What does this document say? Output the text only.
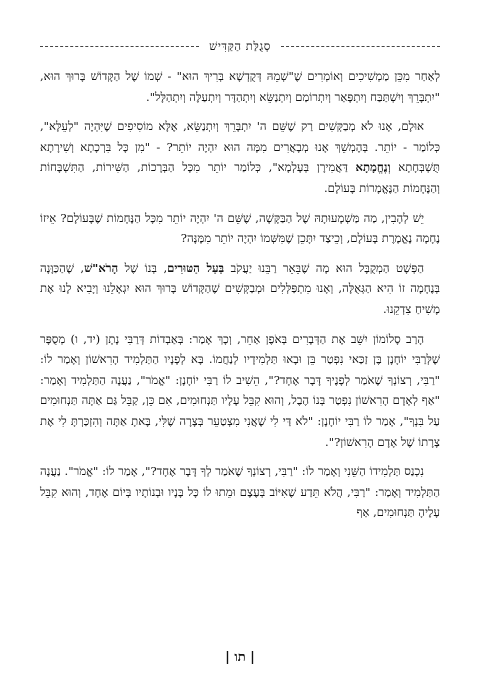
סְגֻלַּת הַקַּדִּישׁ

לְאַחַר מִכֵּן מַמְשִׁיכִים וְאוֹמְרִים שֶׁ"שְׁמֵהּ דְּקֻדְשָׁא בְּרִיךְ הוּא" - שְׁמוֹ שֶׁל הַקָּדוֹשׁ בָּרוּךְ הוּא, "יִתְבָּרֵךְ וְיִשְׁתַּבַּח וְיִתְפָּאַר וְיִתְרוֹמַם וְיִתְנַשֵּׂא וְיִתְהַדָּר וְיִתְעַלֶּה וְיִתְהַלָּל".

אוּלָם, אָנוּ לֹא מְבַקְּשִׁים רַק שֶׁשֵּׁם ה' יִתְבָּרֵךְ וְיִתְנַשֵּׂא, אֶלָּא מוֹסִיפִים שֶׁיִּהְיֶה "לְעֵלָּא", כְּלוֹמַר - יוֹתֵר. בְּהֶמְשֵׁךְ אָנוּ מְבָאֲרִים מִמָּה הוּא יִהְיֶה יוֹתֵר? - "מִן כָּל בִּרְכָתָא וְשִׁירָתָא תֻּשְׁבְּחָתָא וְנֶחֱמָתָא דַּאֲמִירָן בְּעָלְמָא", כְּלוֹמַר יוֹתֵר מִכָּל הַבְּרָכוֹת, הַשִּׁירוֹת, הַתִּשְׁבָּחוֹת וְהַנֶּחָמוֹת הַנֶּאֱמָרוֹת בָּעוֹלָם.

יֵשׁ לְהָבִין, מַה מַּשְׁמָעוּתָהּ שֶׁל הַבַּקָּשָׁה, שֶׁשֵּׁם ה' יִהְיֶה יוֹתֵר מִכָּל הַנֶּחָמוֹת שֶׁבָּעוֹלָם? אֵיזוֹ נֶחָמָה נֶאֱמֶרֶת בָּעוֹלָם, וְכֵיצַד יִתָּכֵן שֶׁמִּשְּׁמוֹ יִהְיֶה יוֹתֵר מִמֶּנָּה?

הַפְּשָׁט הַמְקֻבָּל הוּא מָה שֶׁבֵּאֵר רַבֵּנוּ יַעֲקֹב בַּעַל הַטּוּרִים, בְּנוֹ שֶׁל הָרֹא"שׁ, שֶׁהַכַּוָּנָה בְּנֶחָמָה זוֹ הִיא הַגְּאֻלָּה, וְאָנוּ מִתְפַּלְּלִים וּמְבַקְּשִׁים שֶׁהַקָּדוֹשׁ בָּרוּךְ הוּא יִגְאָלֵנוּ וְיָבִיא לָנוּ אֶת מָשִׁיחַ צִדְקֵנוּ.

הָרַב סָלוֹמוֹן יִשֵּׁב אֶת הַדְּבָרִים בְּאֹפֶן אַחֵר, וְכָךְ אָמַר: בְּאַבְדוֹת דְּרַבִּי נָתָן (יד, ו) מְסֻפָּר שֶׁלְּרַבִּי יוֹחָנָן בֶּן זַכַּאי נִפְטַר בֵּן וּבָאוּ תַּלְמִידָיו לְנַחֲמוֹ. בָּא לְפָנָיו הַתַּלְמִיד הָרִאשׁוֹן וְאָמַר לוֹ: "רַבִּי, רְצוֹנְךָ שֶׁאֹמַר לְפָנֶיךָ דָּבָר אֶחָד?", הֵשִׁיב לוֹ רַבִּי יוֹחָנָן: "אֱמֹר", נַעֲנָה הַתַּלְמִיד וְאָמַר: "אַף לְאָדָם הָרִאשׁוֹן נִפְטַר בְּנוֹ הֶבֶל, וְהוּא קִבֵּל עָלָיו תַּנְחוּמִים, אִם כֵּן, קַבֵּל גַּם אַתָּה תַּנְחוּמִים עַל בִּנְךָ", אָמַר לוֹ רַבִּי יוֹחָנָן: "לֹא דַּי לִי שֶׁאֲנִי מִצְטַעֵר בְּצָרָה שֶׁלִּי, בָּאתָ אַתָּה וְהִזְכַּרְתָּ לִי אֶת צָרָתוֹ שֶׁל אָדָם הָרִאשׁוֹן?".

נִכְנַס תַּלְמִידוֹ הַשֵּׁנִי וְאָמַר לוֹ: "רַבִּי, רְצוֹנְךָ שֶׁאֹמַר לְךָ דָּבָר אֶחָד?", אָמַר לוֹ: "אֱמֹר". נַעֲנָה הַתַּלְמִיד וְאָמַר: "רַבִּי, הֲלֹא תֵּדַע שֶׁאִיּוֹב בְּעֶצֶם וּמֵתוּ לוֹ כָּל בָּנָיו וּבְנוֹתָיו בְּיוֹם אֶחָד, וְהוּא קִבֵּל עָלֶיהָ תַּנְחוּמִים, אַף

| תו |
